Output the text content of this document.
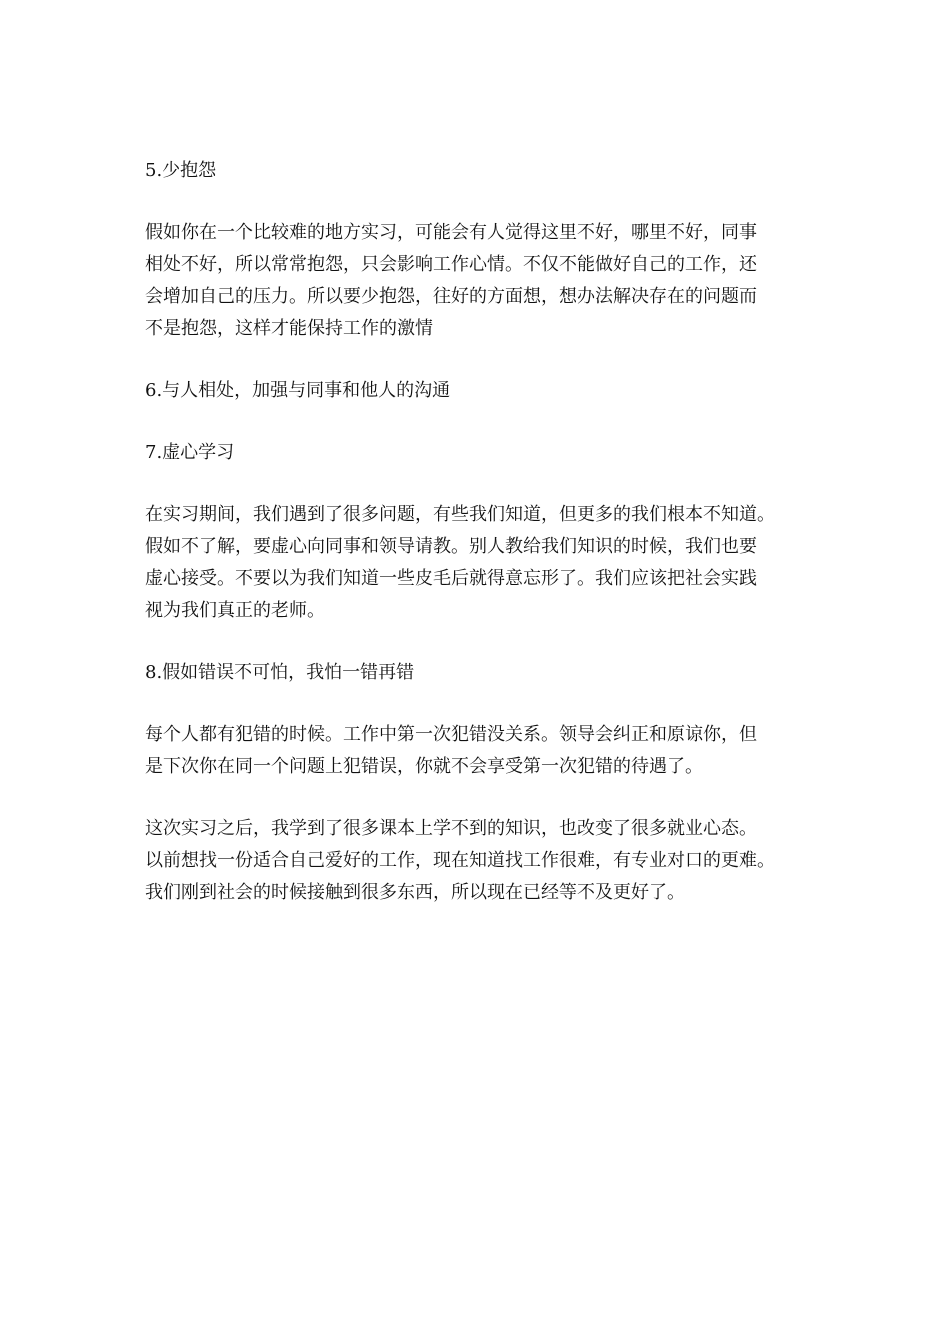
5.少抱怨

假如你在一个比较难的地方实习，可能会有人觉得这里不好，哪里不好，同事
相处不好，所以常常抱怨，只会影响工作心情。不仅不能做好自己的工作，还
会增加自己的压力。所以要少抱怨，往好的方面想，想办法解决存在的问题而
不是抱怨，这样才能保持工作的激情

6.与人相处，加强与同事和他人的沟通

7.虚心学习

在实习期间，我们遇到了很多问题，有些我们知道，但更多的我们根本不知道。
假如不了解，要虚心向同事和领导请教。别人教给我们知识的时候，我们也要
虚心接受。不要以为我们知道一些皮毛后就得意忘形了。我们应该把社会实践
视为我们真正的老师。

8.假如错误不可怕，我怕一错再错

每个人都有犯错的时候。工作中第一次犯错没关系。领导会纠正和原谅你，但
是下次你在同一个问题上犯错误，你就不会享受第一次犯错的待遇了。

这次实习之后，我学到了很多课本上学不到的知识，也改变了很多就业心态。
以前想找一份适合自己爱好的工作，现在知道找工作很难，有专业对口的更难。
我们刚到社会的时候接触到很多东西，所以现在已经等不及更好了。
